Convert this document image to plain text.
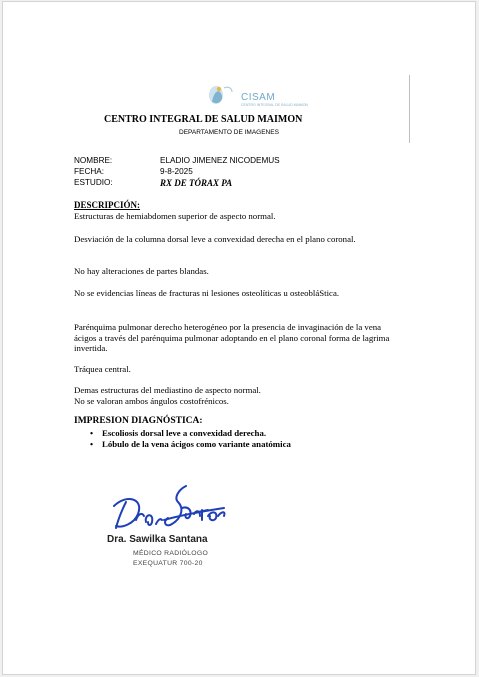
CISAM
CENTRO INTEGRAL DE SALUD MAIMON
CENTRO INTEGRAL DE SALUD MAIMON
DEPARTAMENTO DE IMAGENES
NOMBRE:	ELADIO JIMENEZ NICODEMUS
FECHA:	9-8-2025
ESTUDIO:	RX DE TÓRAX PA
DESCRIPCIÓN:
Estructuras de hemiabdomen superior de aspecto normal.
Desviación de la columna dorsal leve a convexidad derecha en el plano coronal.
No hay alteraciones de partes blandas.
No se evidencias líneas de fracturas ni lesiones osteolíticas u osteobláStica.
Parénquima pulmonar derecho heterogéneo por la presencia de invaginación de la vena ácigos a través del parénquima pulmonar adoptando en el plano coronal forma de lagrima invertida.
Tráquea central.
Demas estructuras del mediastino de aspecto normal.
No se valoran ambos ángulos costofrénicos.
IMPRESION DIAGNÓSTICA:
• Escoliosis dorsal leve a convexidad derecha.
• Lóbulo de la vena ácigos como variante anatómica
Dra. Sawilka Santana
MÉDICO RADIÓLOGO
EXEQUATUR 700-20
